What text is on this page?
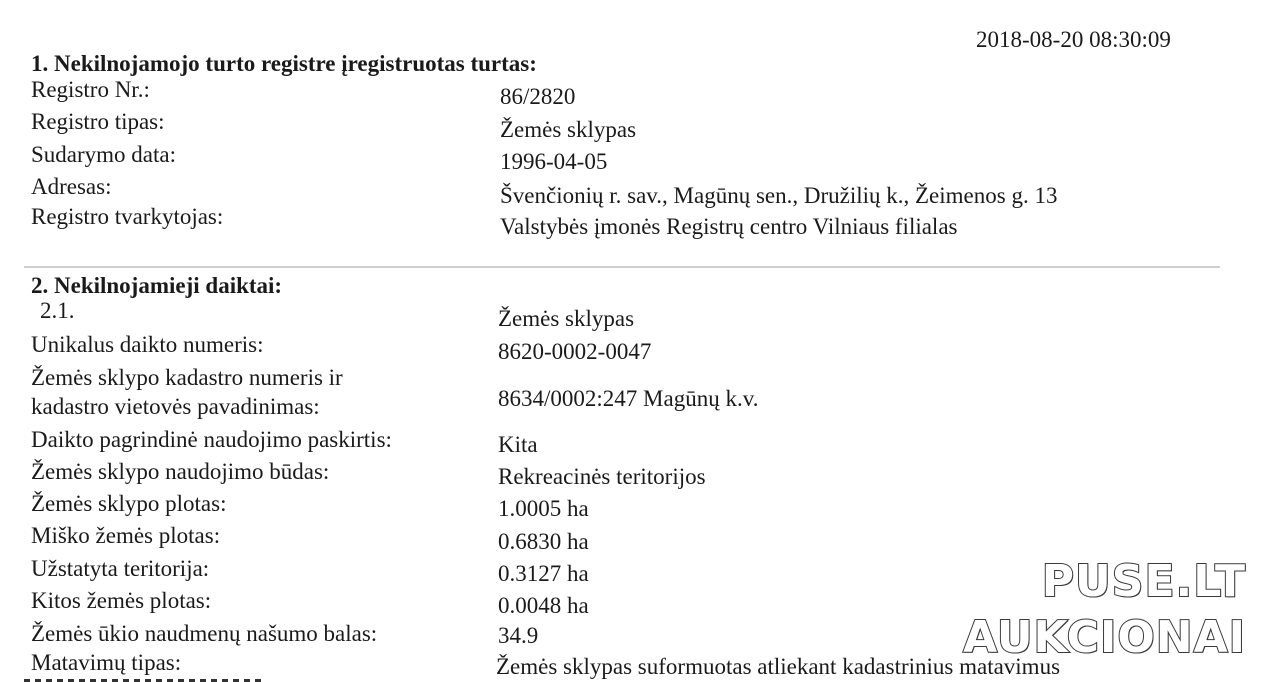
2018-08-20 08:30:09
1. Nekilnojamojo turto registre įregistruotas turtas:
Registro Nr.:	86/2820
Registro tipas:	Žemės sklypas
Sudarymo data:	1996-04-05
Adresas:	Švenčionių r. sav., Magūnų sen., Družilių k., Žeimenos g. 13
Registro tvarkytojas:	Valstybės įmonės Registrų centro Vilniaus filialas
2. Nekilnojamieji daiktai:
2.1.	Žemės sklypas
Unikalus daikto numeris:	8620-0002-0047
Žemės sklypo kadastro numeris ir
kadastro vietovės pavadinimas:	8634/0002:247 Magūnų k.v.
Daikto pagrindinė naudojimo paskirtis:	Kita
Žemės sklypo naudojimo būdas:	Rekreacinės teritorijos
Žemės sklypo plotas:	1.0005 ha
Miško žemės plotas:	0.6830 ha
Užstatyta teritorija:	0.3127 ha
Kitos žemės plotas:	0.0048 ha
Žemės ūkio naudmenų našumo balas:	34.9
Matavimų tipas:	Žemės sklypas suformuotas atliekant kadastrinius matavimus
PUSE.LT
AUKCIONAI
